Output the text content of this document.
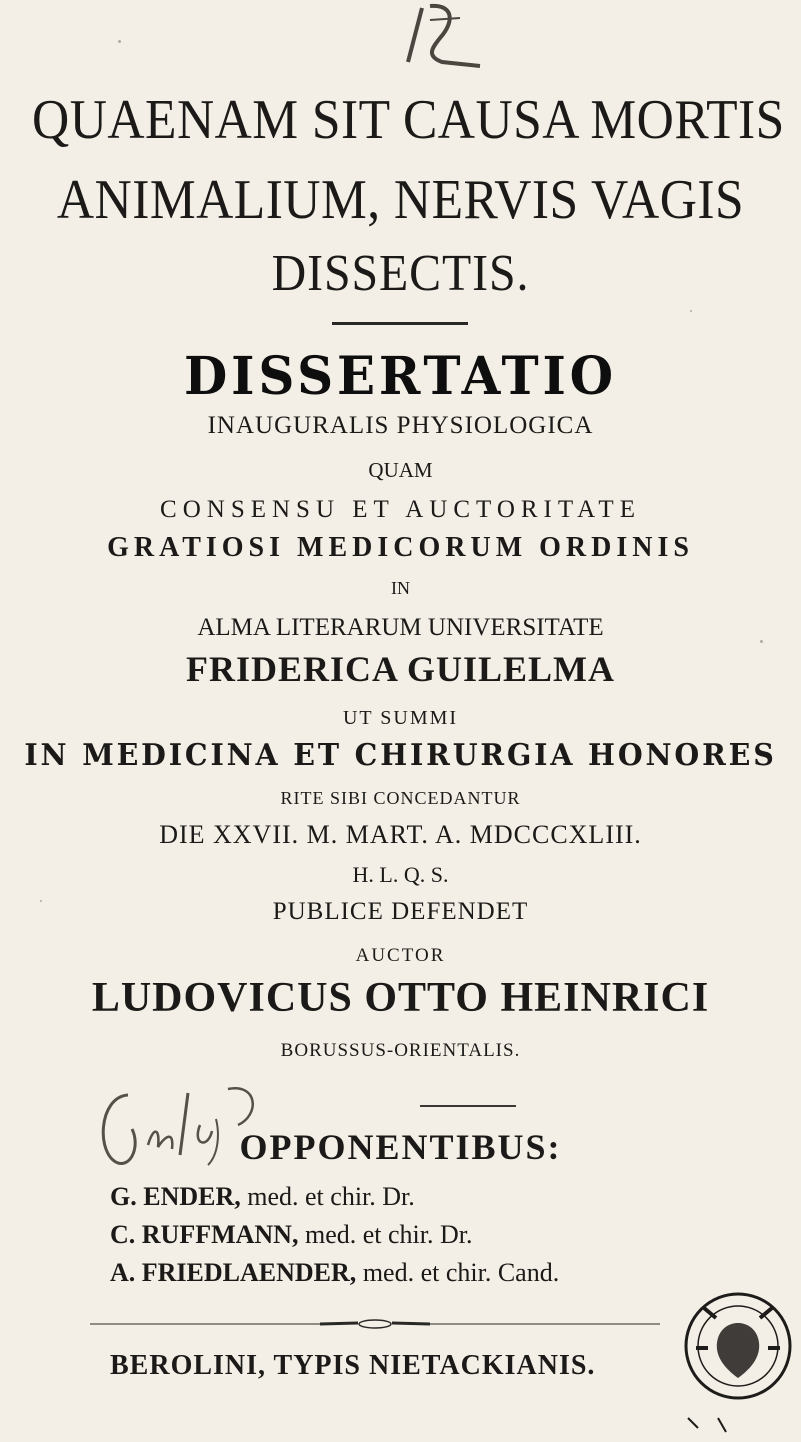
QUAENAM SIT CAUSA MORTIS
ANIMALIUM, NERVIS VAGIS
DISSECTIS.
DISSERTATIO
INAUGURALIS PHYSIOLOGICA
QUAM
CONSENSU ET AUCTORITATE
GRATIOSI MEDICORUM ORDINIS
IN
ALMA LITERARUM UNIVERSITATE
FRIDERICA GUILELMA
UT SUMMI
IN MEDICINA ET CHIRURGIA HONORES
RITE SIBI CONCEDANTUR
DIE XXVII. M. MART. A. MDCCCXLIII.
H. L. Q. S.
PUBLICE DEFENDET
AUCTOR
LUDOVICUS OTTO HEINRICI
BORUSSUS-ORIENTALIS.
OPPONENTIBUS:
G. ENDER, med. et chir. Dr.
C. RUFFMANN, med. et chir. Dr.
A. FRIEDLAENDER, med. et chir. Cand.
BEROLINI, TYPIS NIETACKIANIS.
